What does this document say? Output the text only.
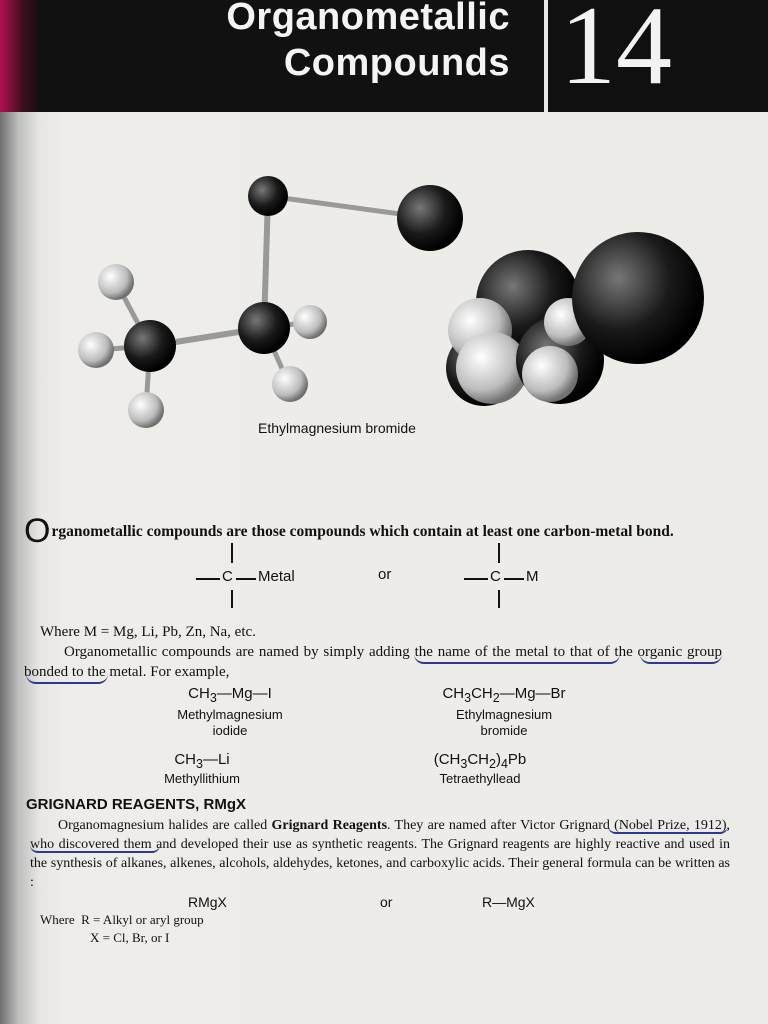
Organometallic
Compounds 14
Ethylmagnesium bromide
Organometallic compounds are those compounds which contain at least one carbon-metal bond.
C Metal	or	C M
Where M = Mg, Li, Pb, Zn, Na, etc.
Organometallic compounds are named by simply adding the name of the metal to that of the organic group bonded to the metal. For example,
$CH_3—Mg—I$
Methylmagnesium
iodide
$CH_3CH_2—Mg—Br$
Ethylmagnesium
bromide
$CH_3—Li$
Methyllithium
$(CH_3CH_2)_4Pb$
Tetraethyllead
GRIGNARD REAGENTS, RMgX
Organomagnesium halides are called Grignard Reagents. They are named after Victor Grignard (Nobel Prize, 1912), who discovered them and developed their use as synthetic reagents. The Grignard reagents are highly reactive and used in the synthesis of alkanes, alkenes, alcohols, aldehydes, ketones, and carboxylic acids. Their general formula can be written as :
RMgX	or	R—MgX
Where  R = Alkyl or aryl group
X = Cl, Br, or I
